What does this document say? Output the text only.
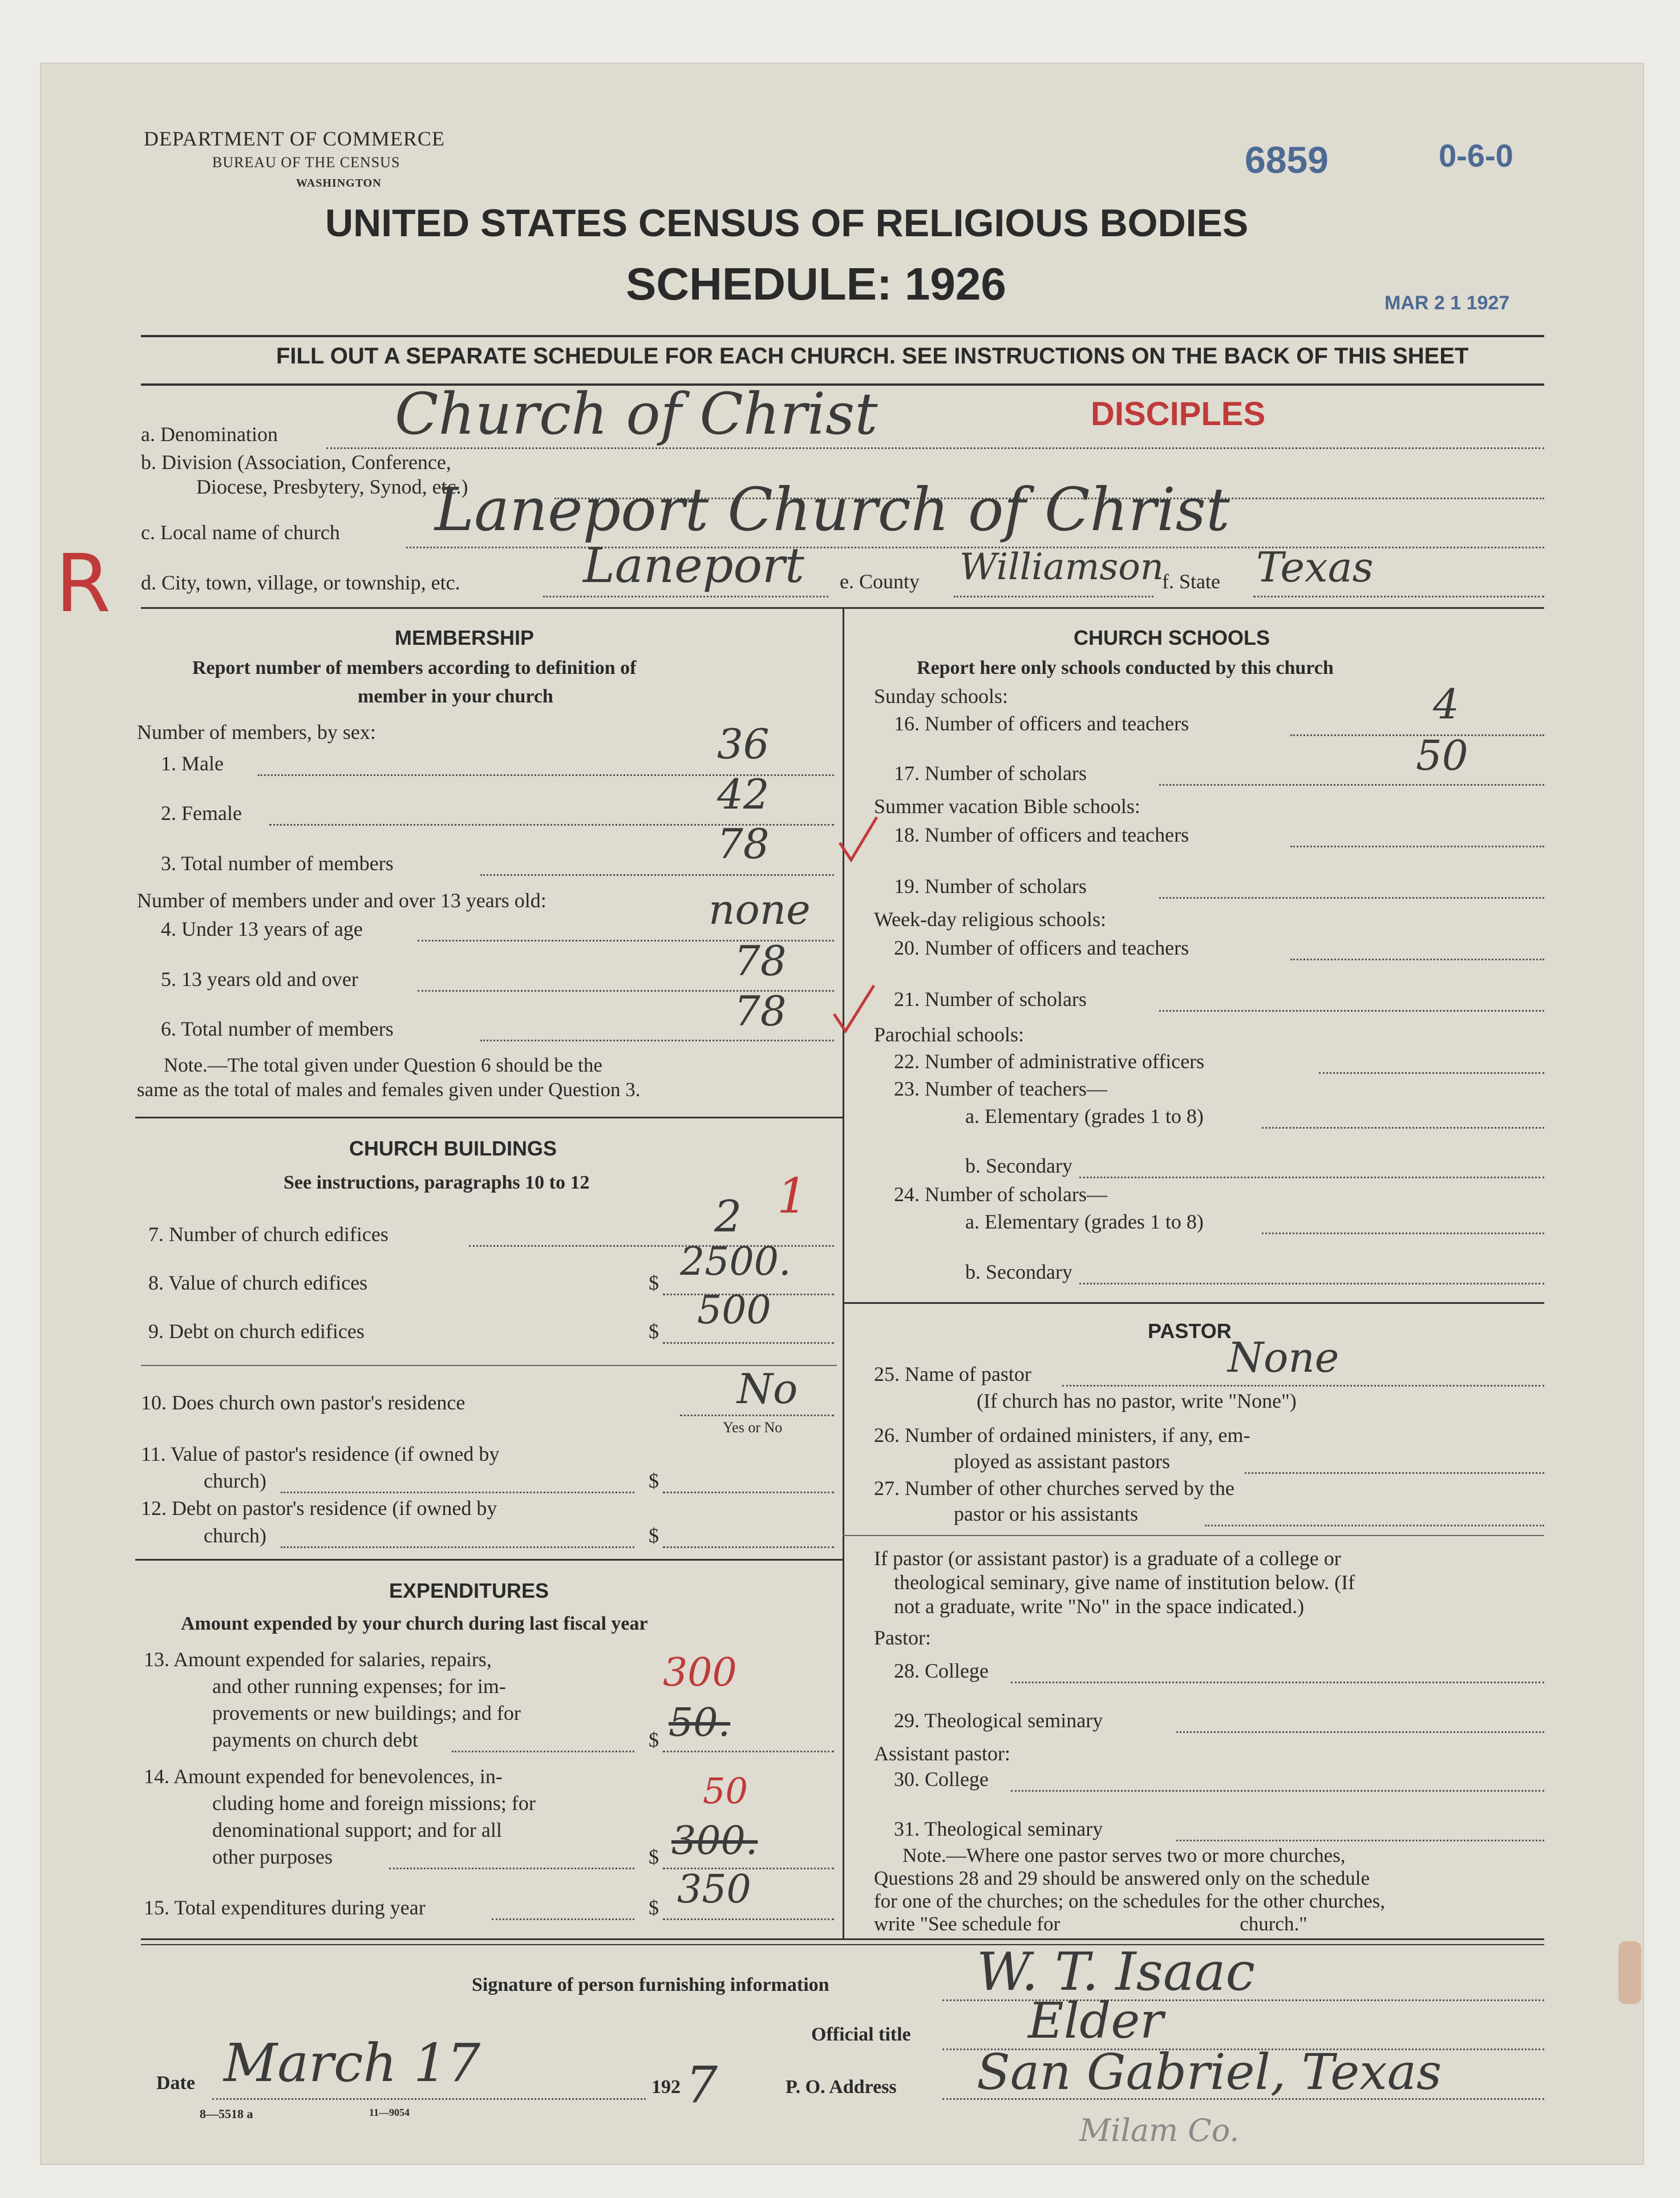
DEPARTMENT OF COMMERCE
BUREAU OF THE CENSUS
WASHINGTON
6859	0-6-0
UNITED STATES CENSUS OF RELIGIOUS BODIES
SCHEDULE: 1926	MAR 2 1 1927
FILL OUT A SEPARATE SCHEDULE FOR EACH CHURCH. SEE INSTRUCTIONS ON THE BACK OF THIS SHEET
a. Denomination Church of Christ	DISCIPLES
b. Division (Association, Conference,
Diocese, Presbytery, Synod, etc.)
c. Local name of church Laneport Church of Christ
d. City, town, village, or township, etc.	Laneport e. County Williamson
f. State Texas
R
MEMBERSHIP
Report number of members according to definition of
member in your church
Number of members, by sex:
1. Male	36
2. Female	42
3. Total number of members	78
Number of members under and over 13 years old:
4. Under 13 years of age	none
5. 13 years old and over	78
6. Total number of members	78
Note.—The total given under Question 6 should be the
same as the total of males and females given under Question 3.
CHURCH BUILDINGS
See instructions, paragraphs 10 to 12
7. Number of church edifices	2 1
8. Value of church edifices	$ 2500.
9. Debt on church edifices	$ 500
10. Does church own pastor's residence	No
Yes or No
11. Value of pastor's residence (if owned by
church)	$
12. Debt on pastor's residence (if owned by
church)	$
EXPENDITURES
Amount expended by your church during last fiscal year
13. Amount expended for salaries, repairs,
and other running expenses; for im-
provements or new buildings; and for
payments on church debt	$ 50.
300
14. Amount expended for benevolences, in-
cluding home and foreign missions; for
denominational support; and for all
other purposes	$ 300.
50
15. Total expenditures during year	$ 350
CHURCH SCHOOLS
Report here only schools conducted by this church
Sunday schools:
16. Number of officers and teachers	4
17. Number of scholars	50
Summer vacation Bible schools:
18. Number of officers and teachers
19. Number of scholars
Week-day religious schools:
20. Number of officers and teachers
21. Number of scholars
Parochial schools:
22. Number of administrative officers
23. Number of teachers—
a. Elementary (grades 1 to 8)
b. Secondary
24. Number of scholars—
a. Elementary (grades 1 to 8)
b. Secondary
PASTOR
25. Name of pastor	None
(If church has no pastor, write "None")
26. Number of ordained ministers, if any, em-
ployed as assistant pastors
27. Number of other churches served by the
pastor or his assistants
If pastor (or assistant pastor) is a graduate of a college or
theological seminary, give name of institution below. (If
not a graduate, write "No" in the space indicated.)
Pastor:
28. College
29. Theological seminary
Assistant pastor:
30. College
31. Theological seminary
Note.—Where one pastor serves two or more churches,
Questions 28 and 29 should be answered only on the schedule
for one of the churches; on the schedules for the other churches,
write "See schedule for                                    church."
Signature of person furnishing information	W. T. Isaac
Official title Elder
Date March 17	192 7	P. O. Address San Gabriel, Texas
Milam Co.
8—5518 a	11—9054
